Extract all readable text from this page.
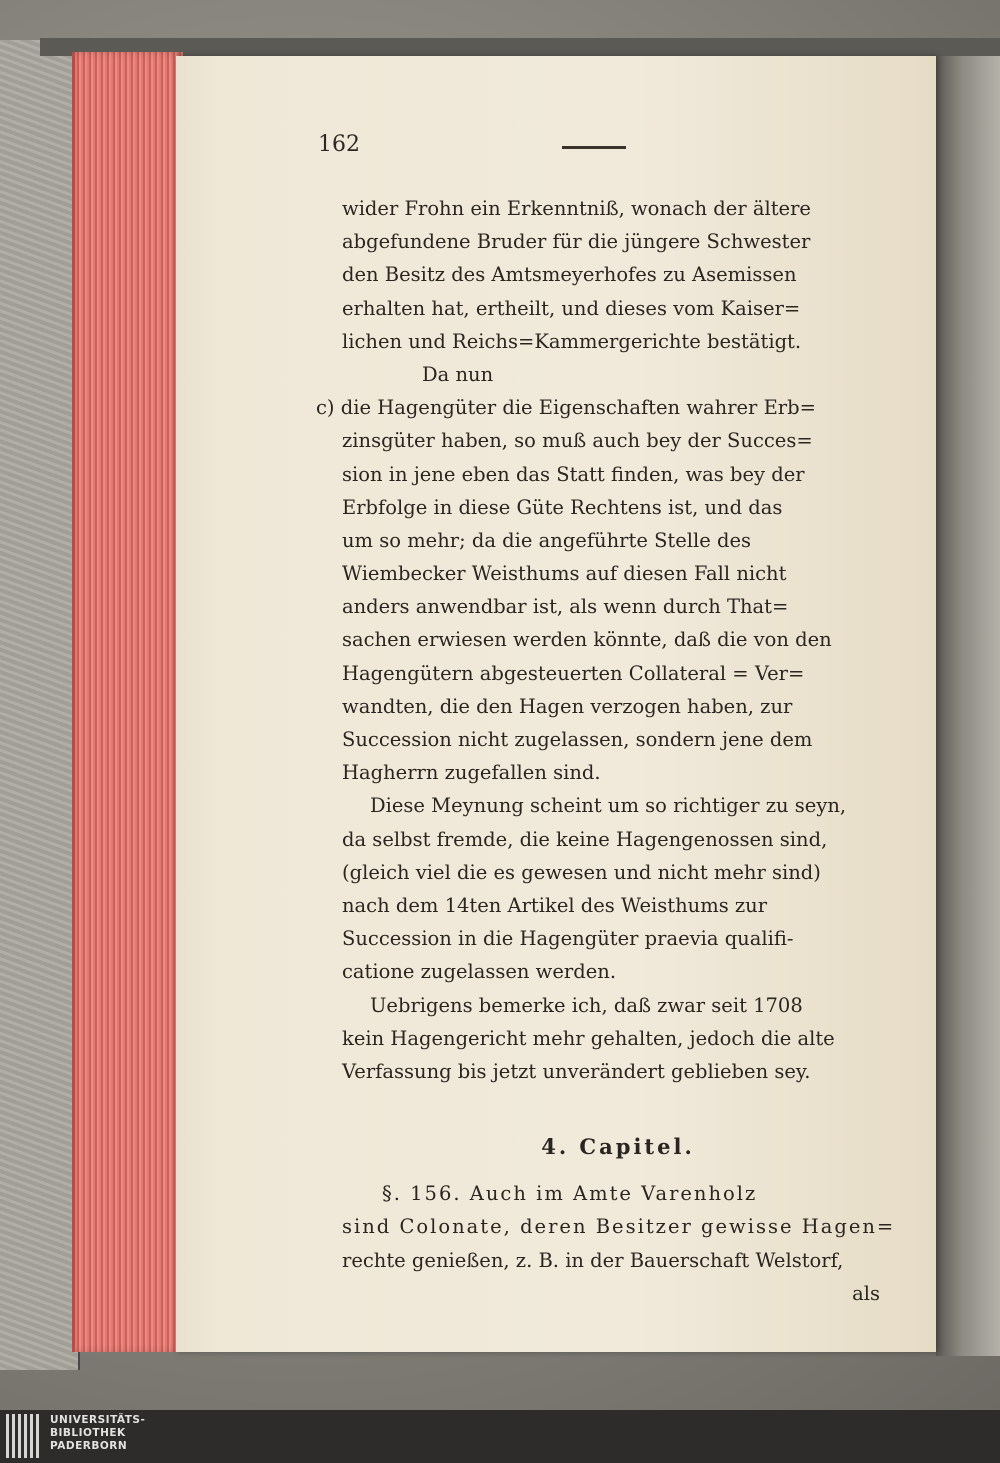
162
wider Frohn ein Erkenntniß, wonach der ältere
abgefundene Bruder für die jüngere Schwester
den Besitz des Amtsmeyerhofes zu Asemissen
erhalten hat, ertheilt, und dieses vom Kaiser=
lichen und Reichs=Kammergerichte bestätigt.
Da nun
c) die Hagengüter die Eigenschaften wahrer Erb=
zinsgüter haben, so muß auch bey der Succes=
sion in jene eben das Statt finden, was bey der
Erbfolge in diese Güte Rechtens ist, und das
um so mehr; da die angeführte Stelle des
Wiembecker Weisthums auf diesen Fall nicht
anders anwendbar ist, als wenn durch That=
sachen erwiesen werden könnte, daß die von den
Hagengütern abgesteuerten Collateral = Ver=
wandten, die den Hagen verzogen haben, zur
Succession nicht zugelassen, sondern jene dem
Hagherrn zugefallen sind.
Diese Meynung scheint um so richtiger zu seyn,
da selbst fremde, die keine Hagengenossen sind,
(gleich viel die es gewesen und nicht mehr sind)
nach dem 14ten Artikel des Weisthums zur
Succession in die Hagengüter praevia qualifi-
catione zugelassen werden.
Uebrigens bemerke ich, daß zwar seit 1708
kein Hagengericht mehr gehalten, jedoch die alte
Verfassung bis jetzt unverändert geblieben sey.
4. Capitel.
§. 156. Auch im Amte Varenholz
sind Colonate, deren Besitzer gewisse Hagen=
rechte genießen, z. B. in der Bauerschaft Welstorf,
als
UNIVERSITÄTS-
BIBLIOTHEK
PADERBORN
